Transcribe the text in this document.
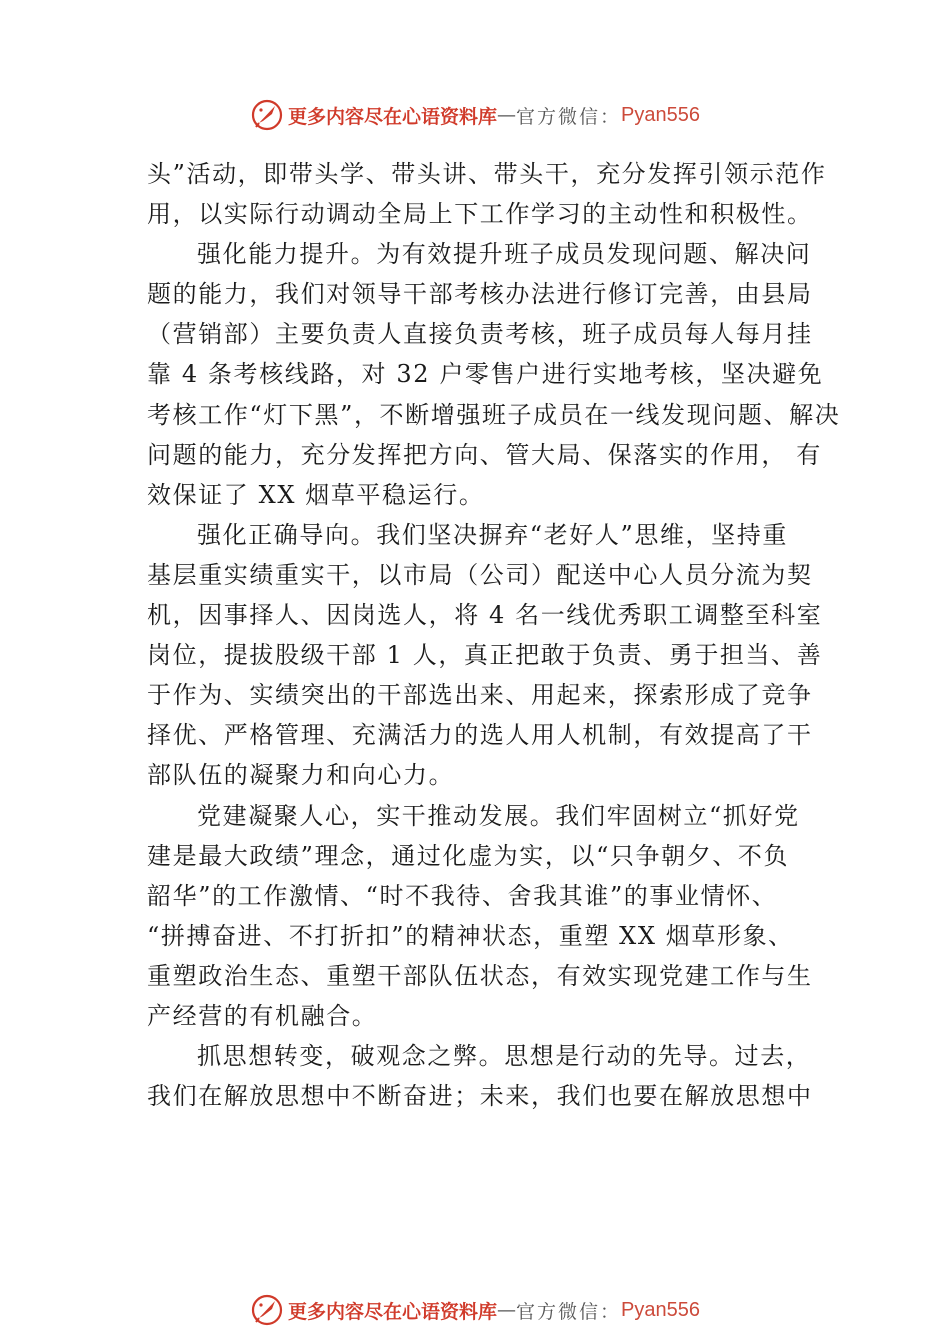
更多内容尽在心语资料库 — 官方微信： Pyan556
头”活动，即带头学、带头讲、带头干，充分发挥引领示范作
用，以实际行动调动全局上下工作学习的主动性和积极性。
强化能力提升。为有效提升班子成员发现问题、解决问
题的能力，我们对领导干部考核办法进行修订完善，由县局
（营销部）主要负责人直接负责考核，班子成员每人每月挂
靠 4 条考核线路，对 32 户零售户进行实地考核，坚决避免
考核工作“灯下黑”，不断增强班子成员在一线发现问题、解决
问题的能力，充分发挥把方向、管大局、保落实的作用， 有
效保证了 XX 烟草平稳运行。
强化正确导向。我们坚决摒弃“老好人”思维，坚持重
基层重实绩重实干，以市局（公司）配送中心人员分流为契
机，因事择人、因岗选人，将 4 名一线优秀职工调整至科室
岗位，提拔股级干部 1 人，真正把敢于负责、勇于担当、善
于作为、实绩突出的干部选出来、用起来，探索形成了竞争
择优、严格管理、充满活力的选人用人机制，有效提高了干
部队伍的凝聚力和向心力。
党建凝聚人心，实干推动发展。我们牢固树立“抓好党
建是最大政绩”理念，通过化虚为实，以“只争朝夕、不负
韶华”的工作激情、“时不我待、舍我其谁”的事业情怀、
“拼搏奋进、不打折扣”的精神状态，重塑 XX 烟草形象、
重塑政治生态、重塑干部队伍状态，有效实现党建工作与生
产经营的有机融合。
抓思想转变，破观念之弊。思想是行动的先导。过去，
我们在解放思想中不断奋进；未来，我们也要在解放思想中
更多内容尽在心语资料库 — 官方微信： Pyan556
